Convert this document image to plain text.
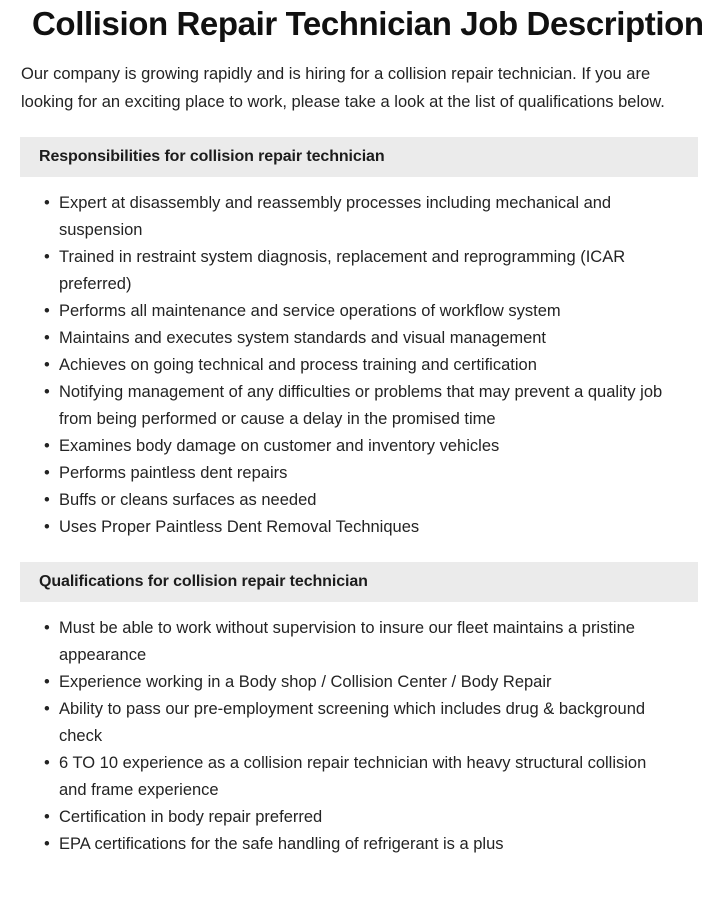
Collision Repair Technician Job Description

Our company is growing rapidly and is hiring for a collision repair technician. If you are looking for an exciting place to work, please take a look at the list of qualifications below.

Responsibilities for collision repair technician
• Expert at disassembly and reassembly processes including mechanical and suspension
• Trained in restraint system diagnosis, replacement and reprogramming (ICAR preferred)
• Performs all maintenance and service operations of workflow system
• Maintains and executes system standards and visual management
• Achieves on going technical and process training and certification
• Notifying management of any difficulties or problems that may prevent a quality job from being performed or cause a delay in the promised time
• Examines body damage on customer and inventory vehicles
• Performs paintless dent repairs
• Buffs or cleans surfaces as needed
• Uses Proper Paintless Dent Removal Techniques
Qualifications for collision repair technician
• Must be able to work without supervision to insure our fleet maintains a pristine appearance
• Experience working in a Body shop / Collision Center / Body Repair
• Ability to pass our pre-employment screening which includes drug & background check
• 6 TO 10 experience as a collision repair technician with heavy structural collision and frame experience
• Certification in body repair preferred
• EPA certifications for the safe handling of refrigerant is a plus
